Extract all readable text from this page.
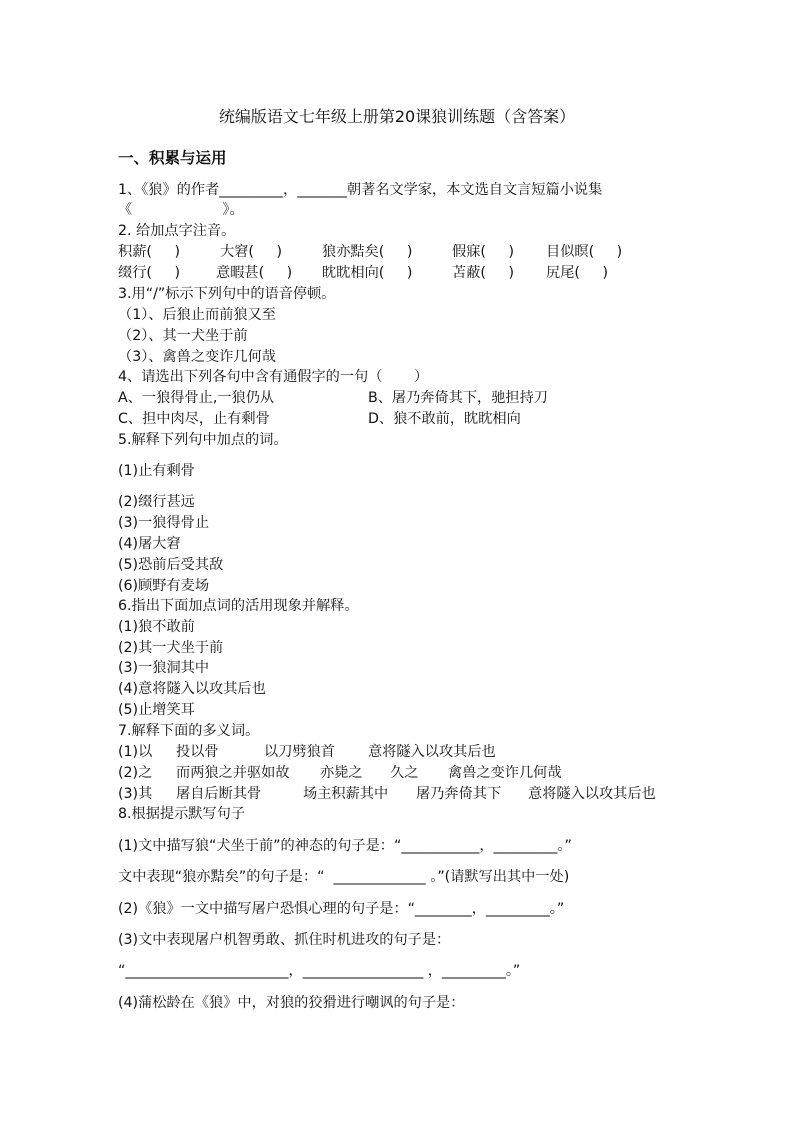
统编版语文七年级上册第20课狼训练题（含答案）
一、积累与运用
1、《狼》的作者_________，_______朝著名文学家，本文选自文言短篇小说集
《                    》。
2. 给加点字注音。
积薪(     )	大窘(     )	狼亦黠矣(     )	假寐(     ) 目似瞑(     )
缀行(     )	意暇甚(     ) 眈眈相向(     )	苫蔽(     ) 尻尾(     )
3.用“/”标示下列句中的语音停顿。
（1）、后狼止而前狼又至
（2）、其一犬坐于前
（3）、禽兽之变诈几何哉
4、请选出下列各句中含有通假字的一句（       ）
A、一狼得骨止,一狼仍从	B、屠乃奔倚其下，驰担持刀
C、担中肉尽，止有剩骨	D、狼不敢前，眈眈相向
5.解释下列句中加点的词。
(1)止有剩骨
(2)缀行甚远
(3)一狼得骨止
(4)屠大窘
(5)恐前后受其敌
(6)顾野有麦场
6.指出下面加点词的活用现象并解释。
(1)狼不敢前
(2)其一犬坐于前
(3)一狼洞其中
(4)意将隧入以攻其后也
(5)止增笑耳
7.解释下面的多义词。
(1)以 投以骨	以刀劈狼首 意将隧入以攻其后也
(2)之 而两狼之并驱如故 亦毙之 久之 禽兽之变诈几何哉
(3)其 屠自后断其骨	场主积薪其中 屠乃奔倚其下 意将隧入以攻其后也
8.根据提示默写句子
(1)文中描写狼“犬坐于前”的神态的句子是：“___________，_________。”
文中表现“狼亦黠矣”的句子是：“  _____________ 。”(请默写出其中一处)
(2)《狼》一文中描写屠户恐惧心理的句子是：“________，_________。”
(3)文中表现屠户机智勇敢、抓住时机进攻的句子是：
“_______________________，_________________ ，_________。”
(4)蒲松龄在《狼》中，对狼的狡猾进行嘲讽的句子是：
